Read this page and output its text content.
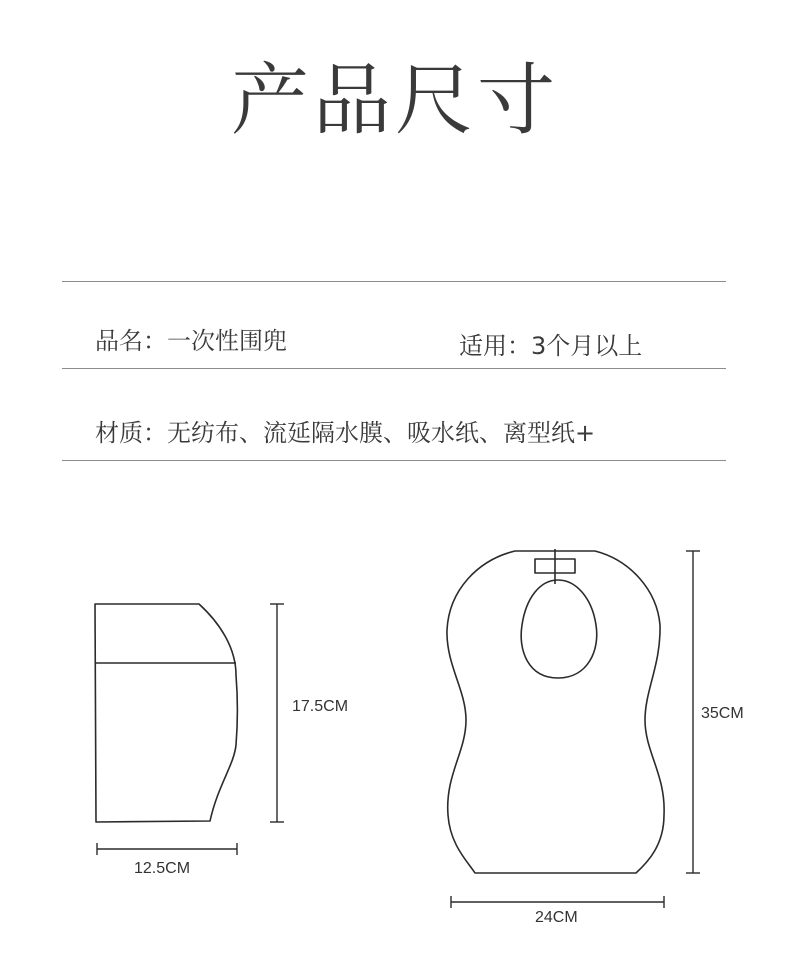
产品尺寸
品名：一次性围兜	适用：3个月以上
材质：无纺布、流延隔水膜、吸水纸、离型纸+
17.5CM
12.5CM
35CM
24CM
